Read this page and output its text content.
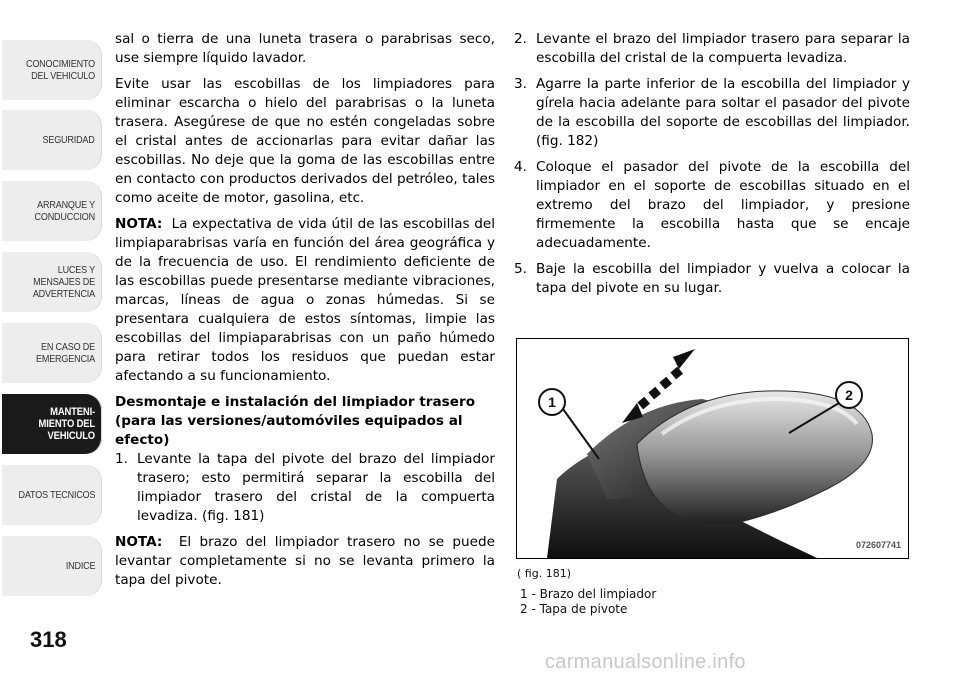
CONOCIMIENTO DEL VEHICULO
SEGURIDAD
ARRANQUE Y CONDUCCION
LUCES Y MENSAJES DE ADVERTENCIA
EN CASO DE EMERGENCIA
MANTENI- MIENTO DEL VEHICULO
DATOS TECNICOS
INDICE
318

sal o tierra de una luneta trasera o parabrisas seco, use siempre líquido lavador.

Evite usar las escobillas de los limpiadores para eliminar escarcha o hielo del parabrisas o la luneta trasera. Asegúrese de que no estén congeladas sobre el cristal antes de accionarlas para evitar dañar las escobillas. No deje que la goma de las escobillas entre en contacto con productos derivados del petróleo, tales como aceite de motor, gasolina, etc.

NOTA: La expectativa de vida útil de las escobillas del limpiaparabrisas varía en función del área geográfica y de la frecuencia de uso. El rendimiento deficiente de las escobillas puede presentarse mediante vibraciones, marcas, líneas de agua o zonas húmedas. Si se presentara cualquiera de estos síntomas, limpie las escobillas del limpiaparabrisas con un paño húmedo para retirar todos los residuos que puedan estar afectando a su funcionamiento.

Desmontaje e instalación del limpiador trasero (para las versiones/automóviles equipados al efecto)

1. Levante la tapa del pivote del brazo del limpiador trasero; esto permitirá separar la escobilla del limpiador trasero del cristal de la compuerta levadiza. (fig. 181)

NOTA: El brazo del limpiador trasero no se puede levantar completamente si no se levanta primero la tapa del pivote.

2. Levante el brazo del limpiador trasero para separar la escobilla del cristal de la compuerta levadiza.

3. Agarre la parte inferior de la escobilla del limpiador y gírela hacia adelante para soltar el pasador del pivote de la escobilla del soporte de escobillas del limpiador. (fig. 182)

4. Coloque el pasador del pivote de la escobilla del limpiador en el soporte de escobillas situado en el extremo del brazo del limpiador, y presione firmemente la escobilla hasta que se encaje adecuadamente.

5. Baje la escobilla del limpiador y vuelva a colocar la tapa del pivote en su lugar.

1	2
072607741
( fig. 181)
1 - Brazo del limpiador
2 - Tapa de pivote
carmanualsonline.info
